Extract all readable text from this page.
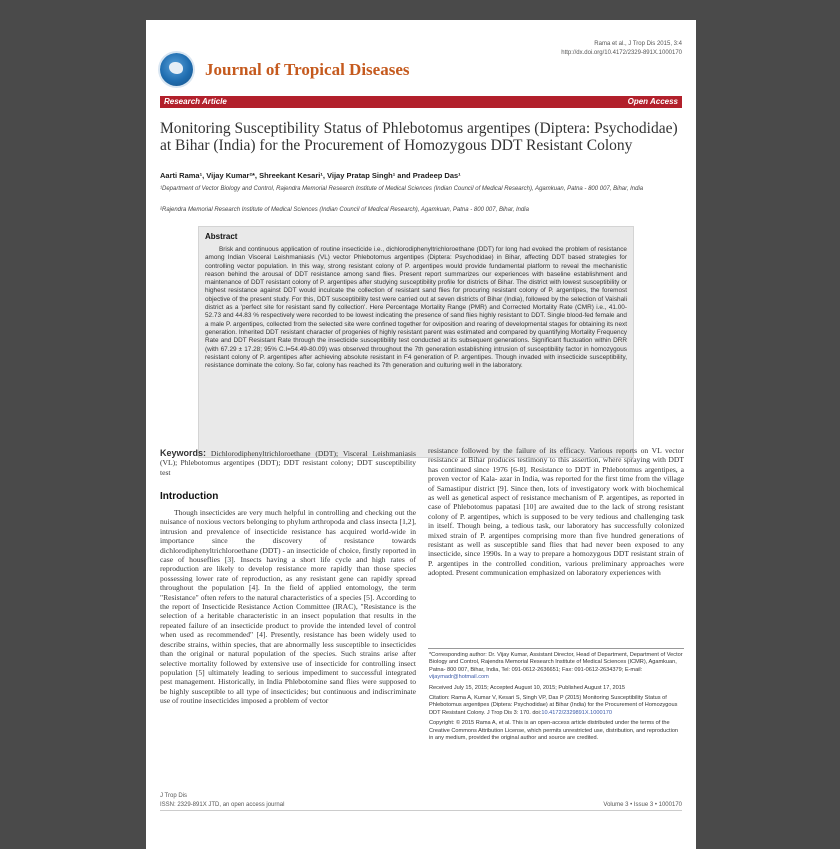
Rama et al., J Trop Dis 2015, 3:4
http://dx.doi.org/10.4172/2329-891X.1000170
Journal of Tropical Diseases
Research Article	Open Access
Monitoring Susceptibility Status of Phlebotomus argentipes (Diptera: Psychodidae) at Bihar (India) for the Procurement of Homozygous DDT Resistant Colony
Aarti Rama¹, Vijay Kumar²*, Shreekant Kesari¹, Vijay Pratap Singh¹ and Pradeep Das¹
¹Department of Vector Biology and Control, Rajendra Memorial Research Institute of Medical Sciences (Indian Council of Medical Research), Agamkuan, Patna - 800 007, Bihar, India
²Rajendra Memorial Research Institute of Medical Sciences (Indian Council of Medical Research), Agamkuan, Patna - 800 007, Bihar, India
Abstract
Brisk and continuous application of routine insecticide i.e., dichlorodiphenyltrichloroethane (DDT) for long had evoked the problem of resistance among Indian Visceral Leishmaniasis (VL) vector Phlebotomus argentipes (Diptera: Psychodidae) in Bihar, affecting DDT based strategies for controlling vector population. In this way, strong resistant colony of P. argentipes would provide fundamental platform to reveal the mechanistic reason behind the arousal of DDT resistance among sand flies. Present report summarizes our experiences with baseline establishment and maintenance of DDT resistant colony of P. argentipes after studying susceptibility profile for districts of Bihar. The district with lowest susceptibility or highest resistance against DDT would inculcate the collection of resistant sand flies for procuring resistant colony of P. argentipes, the foremost objective of the present study. For this, DDT susceptibility test were carried out at seven districts of Bihar (India), followed by the selection of Vaishali district as a 'perfect site for resistant sand fly collection'. Here Percentage Mortality Range (PMR) and Corrected Mortality Rate (CMR) i.e., 41.00-52.73 and 44.83 % respectively were recorded to be lowest indicating the presence of sand flies highly resistant to DDT. Single blood-fed female and a male P. argentipes, collected from the selected site were confined together for oviposition and rearing of developmental stages for obtaining its next generation. Inherited DDT resistant character of progenies of highly resistant parent was estimated and compared by quantifying Mortality Frequency Rate and DDT Resistant Rate through the insecticide susceptibility test conducted at its subsequent generations. Significant fluctuation within DRR (with 67.29 ± 17.28; 95% C.I=54.49-80.09) was observed throughout the 7th generation establishing intrusion of susceptibility factor in homozygous resistant colony of P. argentipes after achieving absolute resistant in F4 generation of P. argentipes. Though invaded with insecticide susceptibility, resistance dominate the colony. So far, colony has reached its 7th generation and culturing well in the laboratory.

Keywords: Dichlorodiphenyltrichloroethane (DDT); Visceral Leishmaniasis (VL); Phlebotomus argentipes (DDT); DDT resistant colony; DDT susceptibility test

Introduction

Though insecticides are very much helpful in controlling and checking out the nuisance of noxious vectors belonging to phylum arthropoda and class insecta [1,2], intrusion and prevalence of insecticide resistance has acquired world-wide in importance since the discovery of resistance towards dichlorodiphenyltrichloroethane (DDT) - an insecticide of choice, firstly reported in case of houseflies [3]. Insects having a short life cycle and high rates of reproduction are likely to develop resistance more rapidly than those species possessing lower rate of reproduction, as any resistant gene can rapidly spread throughout the population [4]. In the field of applied entomology, the term "Resistance" often refers to the natural characteristics of a species [5]. According to the report of Insecticide Resistance Action Committee (IRAC), "Resistance is the selection of a heritable characteristic in an insect population that results in the repeated failure of an insecticide product to provide the intended level of control when used as recommended" [4]. Presently, resistance has been widely used to describe strains, within species, that are abnormally less susceptible to insecticides than the original or natural population of the species. Such strains arise after selective mortality followed by extensive use of insecticide for controlling insect population [5] ultimately leading to serious impediment to successful integrated pest management. Historically, in India Phlebotomine sand flies were supposed to be highly susceptible to all type of insecticides; but continuous and indiscriminate use of routine insecticides imposed a problem of vector

resistance followed by the failure of its efficacy. Various reports on VL vector resistance at Bihar produces testimony to this assertion, where spraying with DDT has continued since 1976 [6-8]. Resistance to DDT in Phlebotomus argentipes, a proven vector of Kala- azar in India, was reported for the first time from the village of Samastipur district [9]. Since then, lots of investigatory work with biochemical as well as genetical aspect of resistance mechanism of P. argentipes, as reported in case of Phlebotomus papatasi [10] are awaited due to the lack of strong resistant colony of P. argentipes, which is supposed to be very tedious and challenging task in itself. Though being, a tedious task, our laboratory has successfully colonized mixed strain of P. argentipes comprising more than five hundred generations of resistant as well as susceptible sand flies that had never been exposed to any insecticide, since 1990s. In a way to prepare a homozygous DDT resistant strain of P. argentipes in the controlled condition, various preliminary approaches were adopted. Present communication emphasized on laboratory experiences with

*Corresponding author: Dr. Vijay Kumar, Assistant Director, Head of Department, Department of Vector Biology and Control, Rajendra Memorial Research Institute of Medical Sciences (ICMR), Agamkuan, Patna- 800 007, Bihar, India, Tel: 091-0612-2636651; Fax: 091-0612-2634379; E-mail: vijaymadr@hotmail.com

Received July 15, 2015; Accepted August 10, 2015; Published August 17, 2015

Citation: Rama A, Kumar V, Kesari S, Singh VP, Das P (2015) Monitoring Susceptibility Status of Phlebotomus argentipes (Diptera: Psychodidae) at Bihar (India) for the Procurement of Homozygous DDT Resistant Colony. J Trop Dis 3: 170. doi:10.4172/2329891X.1000170

Copyright: © 2015 Rama A, et al. This is an open-access article distributed under the terms of the Creative Commons Attribution License, which permits unrestricted use, distribution, and reproduction in any medium, provided the original author and source are credited.

J Trop Dis
ISSN: 2329-891X JTD, an open access journal	Volume 3 • Issue 3 • 1000170
